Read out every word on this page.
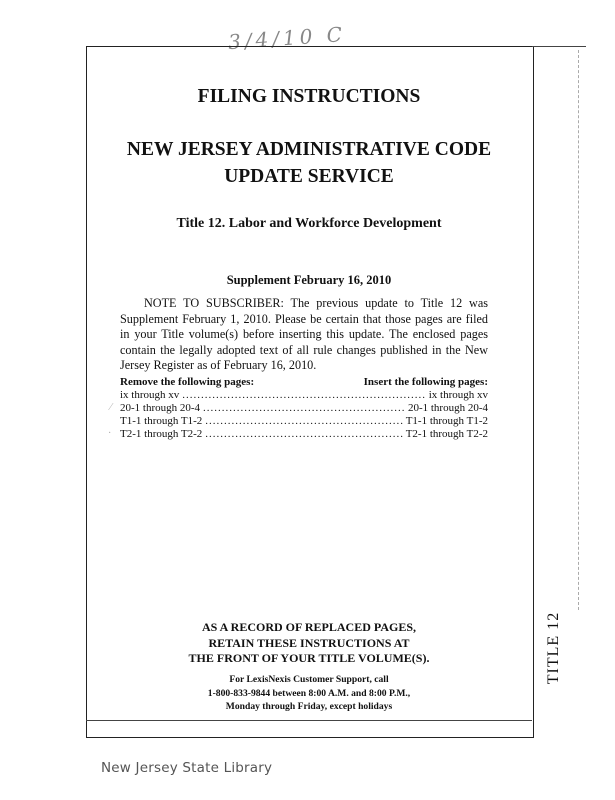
3/4/10 C
TITLE 12
FILING INSTRUCTIONS
NEW JERSEY ADMINISTRATIVE CODE
UPDATE SERVICE
Title 12. Labor and Workforce Development
Supplement February 16, 2010
NOTE TO SUBSCRIBER: The previous update to Title 12 was Supplement February 1, 2010. Please be certain that those pages are filed in your Title volume(s) before inserting this update. The enclosed pages contain the legally adopted text of all rule changes published in the New Jersey Register as of February 16, 2010.
Remove the following pages:	Insert the following pages:
ix through xv .....	ix through xv
20-1 through 20-4 .....	20-1 through 20-4
T1-1 through T1-2 .....	T1-1 through T1-2
T2-1 through T2-2 .....	T2-1 through T2-2
⁄
·
AS A RECORD OF REPLACED PAGES,
RETAIN THESE INSTRUCTIONS AT
THE FRONT OF YOUR TITLE VOLUME(S).
For LexisNexis Customer Support, call
1-800-833-9844 between 8:00 A.M. and 8:00 P.M.,
Monday through Friday, except holidays
New Jersey State Library
